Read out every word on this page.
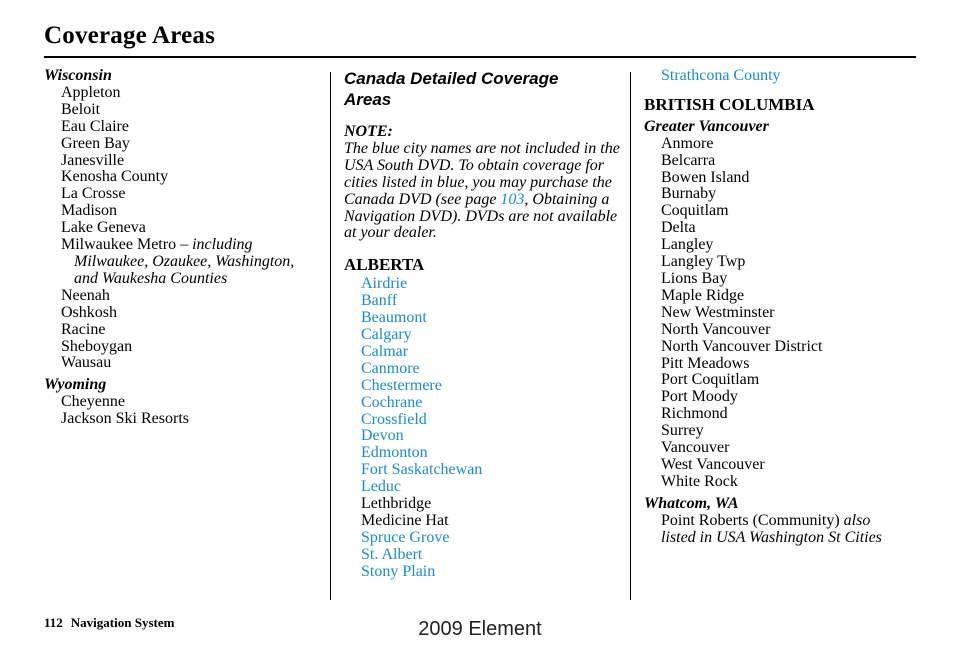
Coverage Areas
Wisconsin
Appleton
Beloit
Eau Claire
Green Bay
Janesville
Kenosha County
La Crosse
Madison
Lake Geneva
Milwaukee Metro – including
Milwaukee, Ozaukee, Washington,
and Waukesha Counties
Neenah
Oshkosh
Racine
Sheboygan
Wausau
Wyoming
Cheyenne
Jackson Ski Resorts
Canada Detailed Coverage
Areas
NOTE:
The blue city names are not included in the USA South DVD. To obtain coverage for cities listed in blue, you may purchase the Canada DVD (see page 103, Obtaining a Navigation DVD). DVDs are not available at your dealer.
ALBERTA
Airdrie
Banff
Beaumont
Calgary
Calmar
Canmore
Chestermere
Cochrane
Crossfield
Devon
Edmonton
Fort Saskatchewan
Leduc
Lethbridge
Medicine Hat
Spruce Grove
St. Albert
Stony Plain
Strathcona County
BRITISH COLUMBIA
Greater Vancouver
Anmore
Belcarra
Bowen Island
Burnaby
Coquitlam
Delta
Langley
Langley Twp
Lions Bay
Maple Ridge
New Westminster
North Vancouver
North Vancouver District
Pitt Meadows
Port Coquitlam
Port Moody
Richmond
Surrey
Vancouver
West Vancouver
White Rock
Whatcom, WA
Point Roberts (Community) also
listed in USA Washington St Cities
112 Navigation System	2009 Element
